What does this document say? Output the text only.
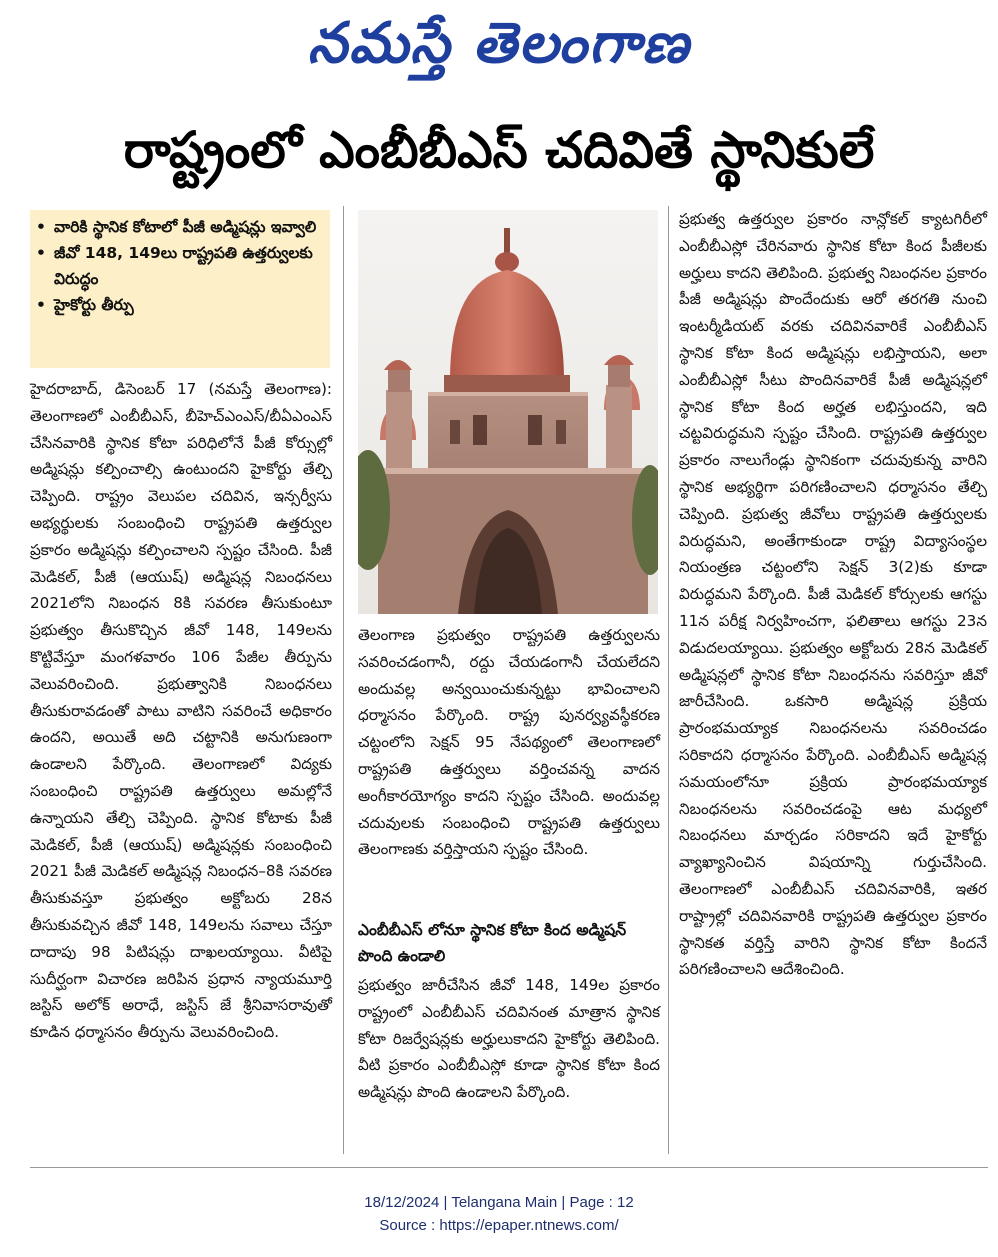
నమస్తే తెలంగాణ
రాష్ట్రంలో ఎంబీబీఎస్ చదివితే స్థానికులే
• వారికి స్థానిక కోటాలో పీజీ అడ్మిషన్లు ఇవ్వాలి
• జీవో 148, 149లు రాష్ట్రపతి ఉత్తర్వులకు విరుద్ధం
• హైకోర్టు తీర్పు

హైదరాబాద్, డిసెంబర్ 17 (నమస్తే తెలంగాణ): తెలంగాణలో ఎంబీబీఎస్, బీహెచ్ఎంఎస్/బీఏఎంఎస్ చేసినవారికి స్థానిక కోటా పరిధిలోనే పీజీ కోర్సుల్లో అడ్మిషన్లు కల్పించాల్సి ఉంటుందని హైకోర్టు తేల్చి చెప్పింది. రాష్ట్రం వెలుపల చదివిన, ఇన్సర్వీసు అభ్యర్థులకు సంబంధించి రాష్ట్రపతి ఉత్తర్వుల ప్రకారం అడ్మిషన్లు కల్పించాలని స్పష్టం చేసింది. పీజీ మెడికల్, పీజీ (ఆయుష్) అడ్మిషన్ల నిబంధనలు 2021లోని నిబంధన 8కి సవరణ తీసుకుంటూ ప్రభుత్వం తీసుకొచ్చిన జీవో 148, 149లను కొట్టివేస్తూ మంగళవారం 106 పేజీల తీర్పును వెలువరించింది. ప్రభుత్వానికి నిబంధనలు తీసుకురావడంతో పాటు వాటిని సవరించే అధికారం ఉందని, అయితే అది చట్టానికి అనుగుణంగా ఉండాలని పేర్కొంది. తెలంగాణలో విద్యకు సంబంధించి రాష్ట్రపతి ఉత్తర్వులు అమల్లోనే ఉన్నాయని తేల్చి చెప్పింది. స్థానిక కోటాకు పీజీ మెడికల్, పీజీ (ఆయుష్) అడ్మిషన్లకు సంబంధించి 2021 పీజీ మెడికల్ అడ్మిషన్ల నిబంధన–8కి సవరణ తీసుకువస్తూ ప్రభుత్వం అక్టోబరు 28న తీసుకువచ్చిన జీవో 148, 149లను సవాలు చేస్తూ దాదాపు 98 పిటిషన్లు దాఖలయ్యాయి. వీటిపై సుదీర్ఘంగా విచారణ జరిపిన ప్రధాన న్యాయమూర్తి జస్టిస్ అలోక్ అరాధే, జస్టిస్ జే శ్రీనివాసరావుతో కూడిన ధర్మాసనం తీర్పును వెలువరించింది.

తెలంగాణ ప్రభుత్వం రాష్ట్రపతి ఉత్తర్వులను సవరించడంగానీ, రద్దు చేయడంగానీ చేయలేదని అందువల్ల అన్వయించుకున్నట్టు భావించాలని ధర్మాసనం పేర్కొంది. రాష్ట్ర పునర్వ్యవస్థీకరణ చట్టంలోని సెక్షన్ 95 నేపథ్యంలో తెలంగాణలో రాష్ట్రపతి ఉత్తర్వులు వర్తించవన్న వాదన అంగీకారయోగ్యం కాదని స్పష్టం చేసింది. అందువల్ల చదువులకు సంబంధించి రాష్ట్రపతి ఉత్తర్వులు తెలంగాణకు వర్తిస్తాయని స్పష్టం చేసింది.

ఎంబీబీఎస్ లోనూ స్థానిక కోటా కింద అడ్మిషన్ పొంది ఉండాలి

ప్రభుత్వం జారీచేసిన జీవో 148, 149ల ప్రకారం రాష్ట్రంలో ఎంబీబీఎస్ చదివినంత మాత్రాన స్థానిక కోటా రిజర్వేషన్లకు అర్హులుకాదని హైకోర్టు తెలిపింది. వీటి ప్రకారం ఎంబీబీఎస్లో కూడా స్థానిక కోటా కింద అడ్మిషన్లు పొంది ఉండాలని పేర్కొంది.

ప్రభుత్వ ఉత్తర్వుల ప్రకారం నాన్లోకల్ క్యాటగిరీలో ఎంబీబీఎస్లో చేరినవారు స్థానిక కోటా కింద పీజీలకు అర్హులు కాదని తెలిపింది. ప్రభుత్వ నిబంధనల ప్రకారం పీజీ అడ్మిషన్లు పొందేందుకు ఆరో తరగతి నుంచి ఇంటర్మీడియట్ వరకు చదివినవారికే ఎంబీబీఎస్ స్థానిక కోటా కింద అడ్మిషన్లు లభిస్తాయని, అలా ఎంబీబీఎస్లో సీటు పొందినవారికే పీజీ అడ్మిషన్లలో స్థానిక కోటా కింద అర్హత లభిస్తుందని, ఇది చట్టవిరుద్ధమని స్పష్టం చేసింది. రాష్ట్రపతి ఉత్తర్వుల ప్రకారం నాలుగేండ్లు స్థానికంగా చదువుకున్న వారిని స్థానిక అభ్యర్థిగా పరిగణించాలని ధర్మాసనం తేల్చి చెప్పింది. ప్రభుత్వ జీవోలు రాష్ట్రపతి ఉత్తర్వులకు విరుద్ధమని, అంతేగాకుండా రాష్ట్ర విద్యాసంస్థల నియంత్రణ చట్టంలోని సెక్షన్ 3(2)కు కూడా విరుద్ధమని పేర్కొంది. పీజీ మెడికల్ కోర్సులకు ఆగస్టు 11న పరీక్ష నిర్వహించగా, ఫలితాలు ఆగస్టు 23న విడుదలయ్యాయి. ప్రభుత్వం అక్టోబరు 28న మెడికల్ అడ్మిషన్లలో స్థానిక కోటా నిబంధనను సవరిస్తూ జీవో జారీచేసింది. ఒకసారి అడ్మిషన్ల ప్రక్రియ ప్రారంభమయ్యాక నిబంధనలను సవరించడం సరికాదని ధర్మాసనం పేర్కొంది. ఎంబీబీఎస్ అడ్మిషన్ల సమయంలోనూ ప్రక్రియ ప్రారంభమయ్యాక నిబంధనలను సవరించడంపై ఆట మధ్యలో నిబంధనలు మార్చడం సరికాదని ఇదే హైకోర్టు వ్యాఖ్యానించిన విషయాన్ని గుర్తుచేసింది. తెలంగాణలో ఎంబీబీఎస్ చదివినవారికి, ఇతర రాష్ట్రాల్లో చదివినవారికి రాష్ట్రపతి ఉత్తర్వుల ప్రకారం స్థానికత వర్తిస్తే వారిని స్థానిక కోటా కిందనే పరిగణించాలని ఆదేశించింది.

18/12/2024 | Telangana Main | Page : 12
Source : https://epaper.ntnews.com/
